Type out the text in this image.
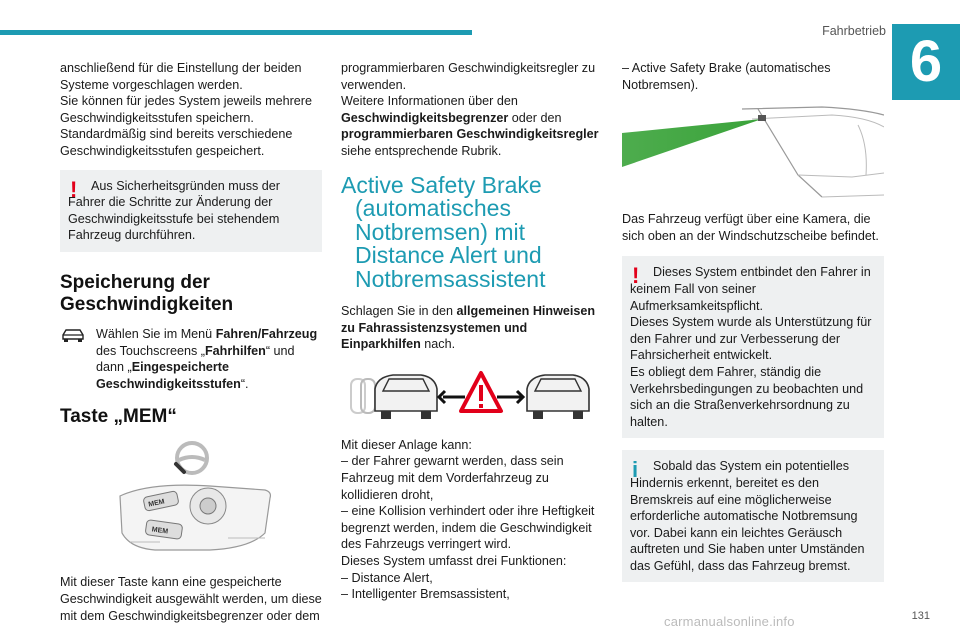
Fahrbetrieb 6

anschließend für die Einstellung der beiden Systeme vorgeschlagen werden.

Sie können für jedes System jeweils mehrere Geschwindigkeitsstufen speichern.

Standardmäßig sind bereits verschiedene Geschwindigkeitsstufen gespeichert.

!	Aus Sicherheitsgründen muss der Fahrer die Schritte zur Änderung der Geschwindigkeitsstufe bei stehendem Fahrzeug durchführen.

Speicherung der Geschwindigkeiten

Wählen Sie im Menü Fahren/Fahrzeug des Touchscreens „Fahrhilfen“ und dann „Eingespeicherte Geschwindigkeitsstufen“.

Taste „MEM“
MEM
MEM

Mit dieser Taste kann eine gespeicherte Geschwindigkeit ausgewählt werden, um diese mit dem Geschwindigkeitsbegrenzer oder dem

programmierbaren Geschwindigkeitsregler zu verwenden.

Weitere Informationen über den
Geschwindigkeitsbegrenzer oder den
programmierbaren Geschwindigkeitsregler
siehe entsprechende Rubrik.

Active Safety Brake
(automatisches Notbremsen) mit Distance Alert und Notbremsassistent

Schlagen Sie in den allgemeinen Hinweisen zu Fahrassistenzsystemen und Einparkhilfen nach.

Mit dieser Anlage kann:

– der Fahrer gewarnt werden, dass sein Fahrzeug mit dem Vorderfahrzeug zu kollidieren droht,

– eine Kollision verhindert oder ihre Heftigkeit begrenzt werden, indem die Geschwindigkeit des Fahrzeugs verringert wird.

Dieses System umfasst drei Funktionen:

– Distance Alert,

– Intelligenter Bremsassistent,

– Active Safety Brake (automatisches Notbremsen).

Das Fahrzeug verfügt über eine Kamera, die sich oben an der Windschutzscheibe befindet.

!	Dieses System entbindet den Fahrer in keinem Fall von seiner Aufmerksamkeitspflicht.

Dieses System wurde als Unterstützung für den Fahrer und zur Verbesserung der Fahrsicherheit entwickelt.

Es obliegt dem Fahrer, ständig die Verkehrsbedingungen zu beobachten und sich an die Straßenverkehrsordnung zu halten.

i	Sobald das System ein potentielles Hindernis erkennt, bereitet es den Bremskreis auf eine möglicherweise erforderliche automatische Notbremsung vor. Dabei kann ein leichtes Geräusch auftreten und Sie haben unter Umständen das Gefühl, dass das Fahrzeug bremst.

carmanualsonline.info	131
